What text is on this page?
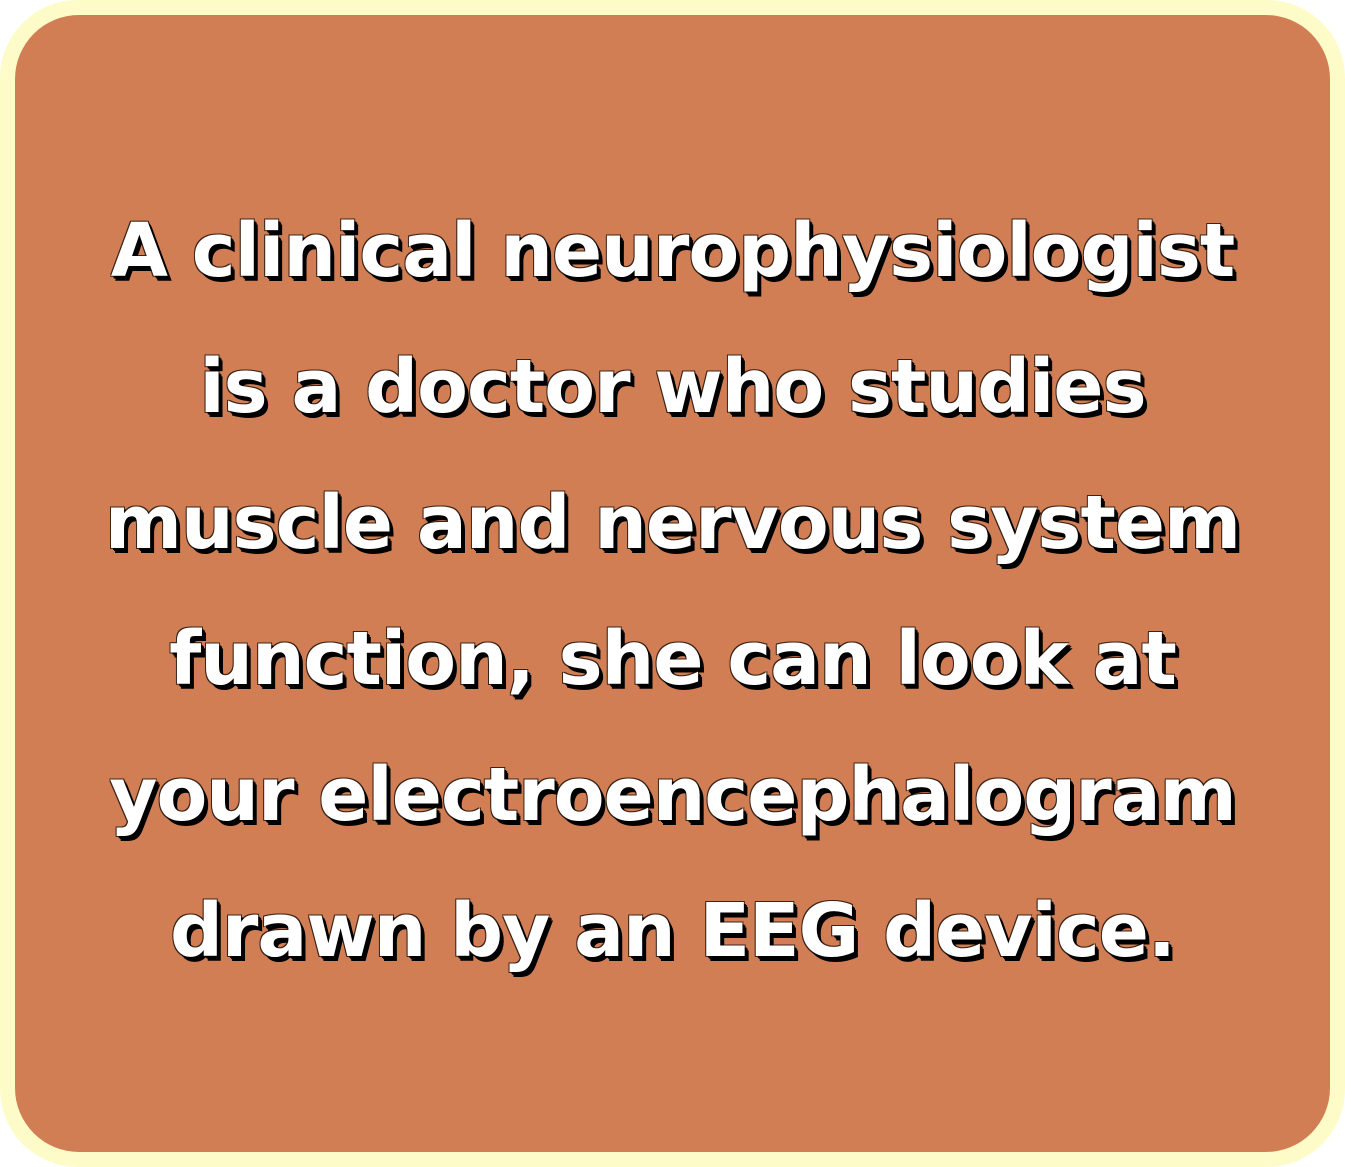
A clinical neurophysiologist
is a doctor who studies
muscle and nervous system
function, she can look at
your electroencephalogram
drawn by an EEG device.
